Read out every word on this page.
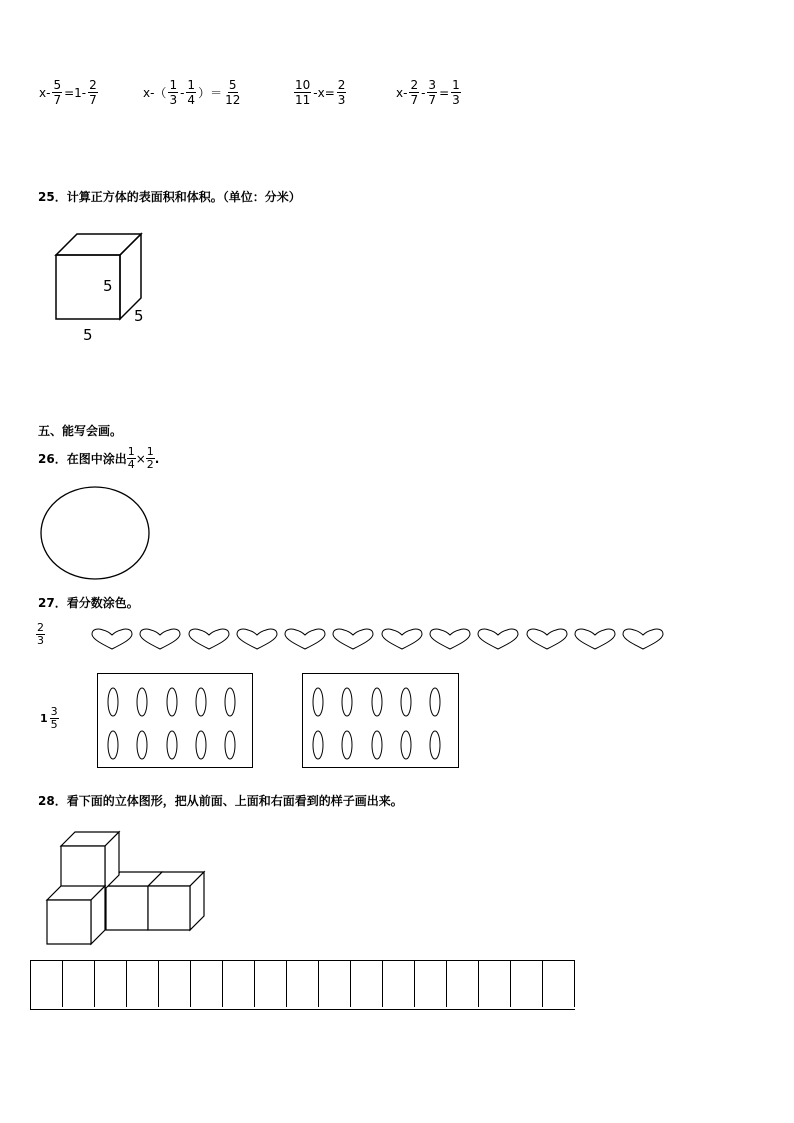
$x- \frac{5}{7} =1-$
2
7	x-（
1
3
-
1
4 ）＝
5
12
10
11
$-x= \frac{2}{3}$	x-
2
7
- $\frac{3}{7} = \frac{1}{3}$
25．计算正方体的表面积和体积。（单位：分米）
5
5
5
五、能写会画。
26．在图中涂出 $\frac{1}{4} \times \frac{1}{2}$ .
27．看分数涂色。
$\frac{2}{3}$
1
3
5
28．看下面的立体图形，把从前面、上面和右面看到的样子画出来。
